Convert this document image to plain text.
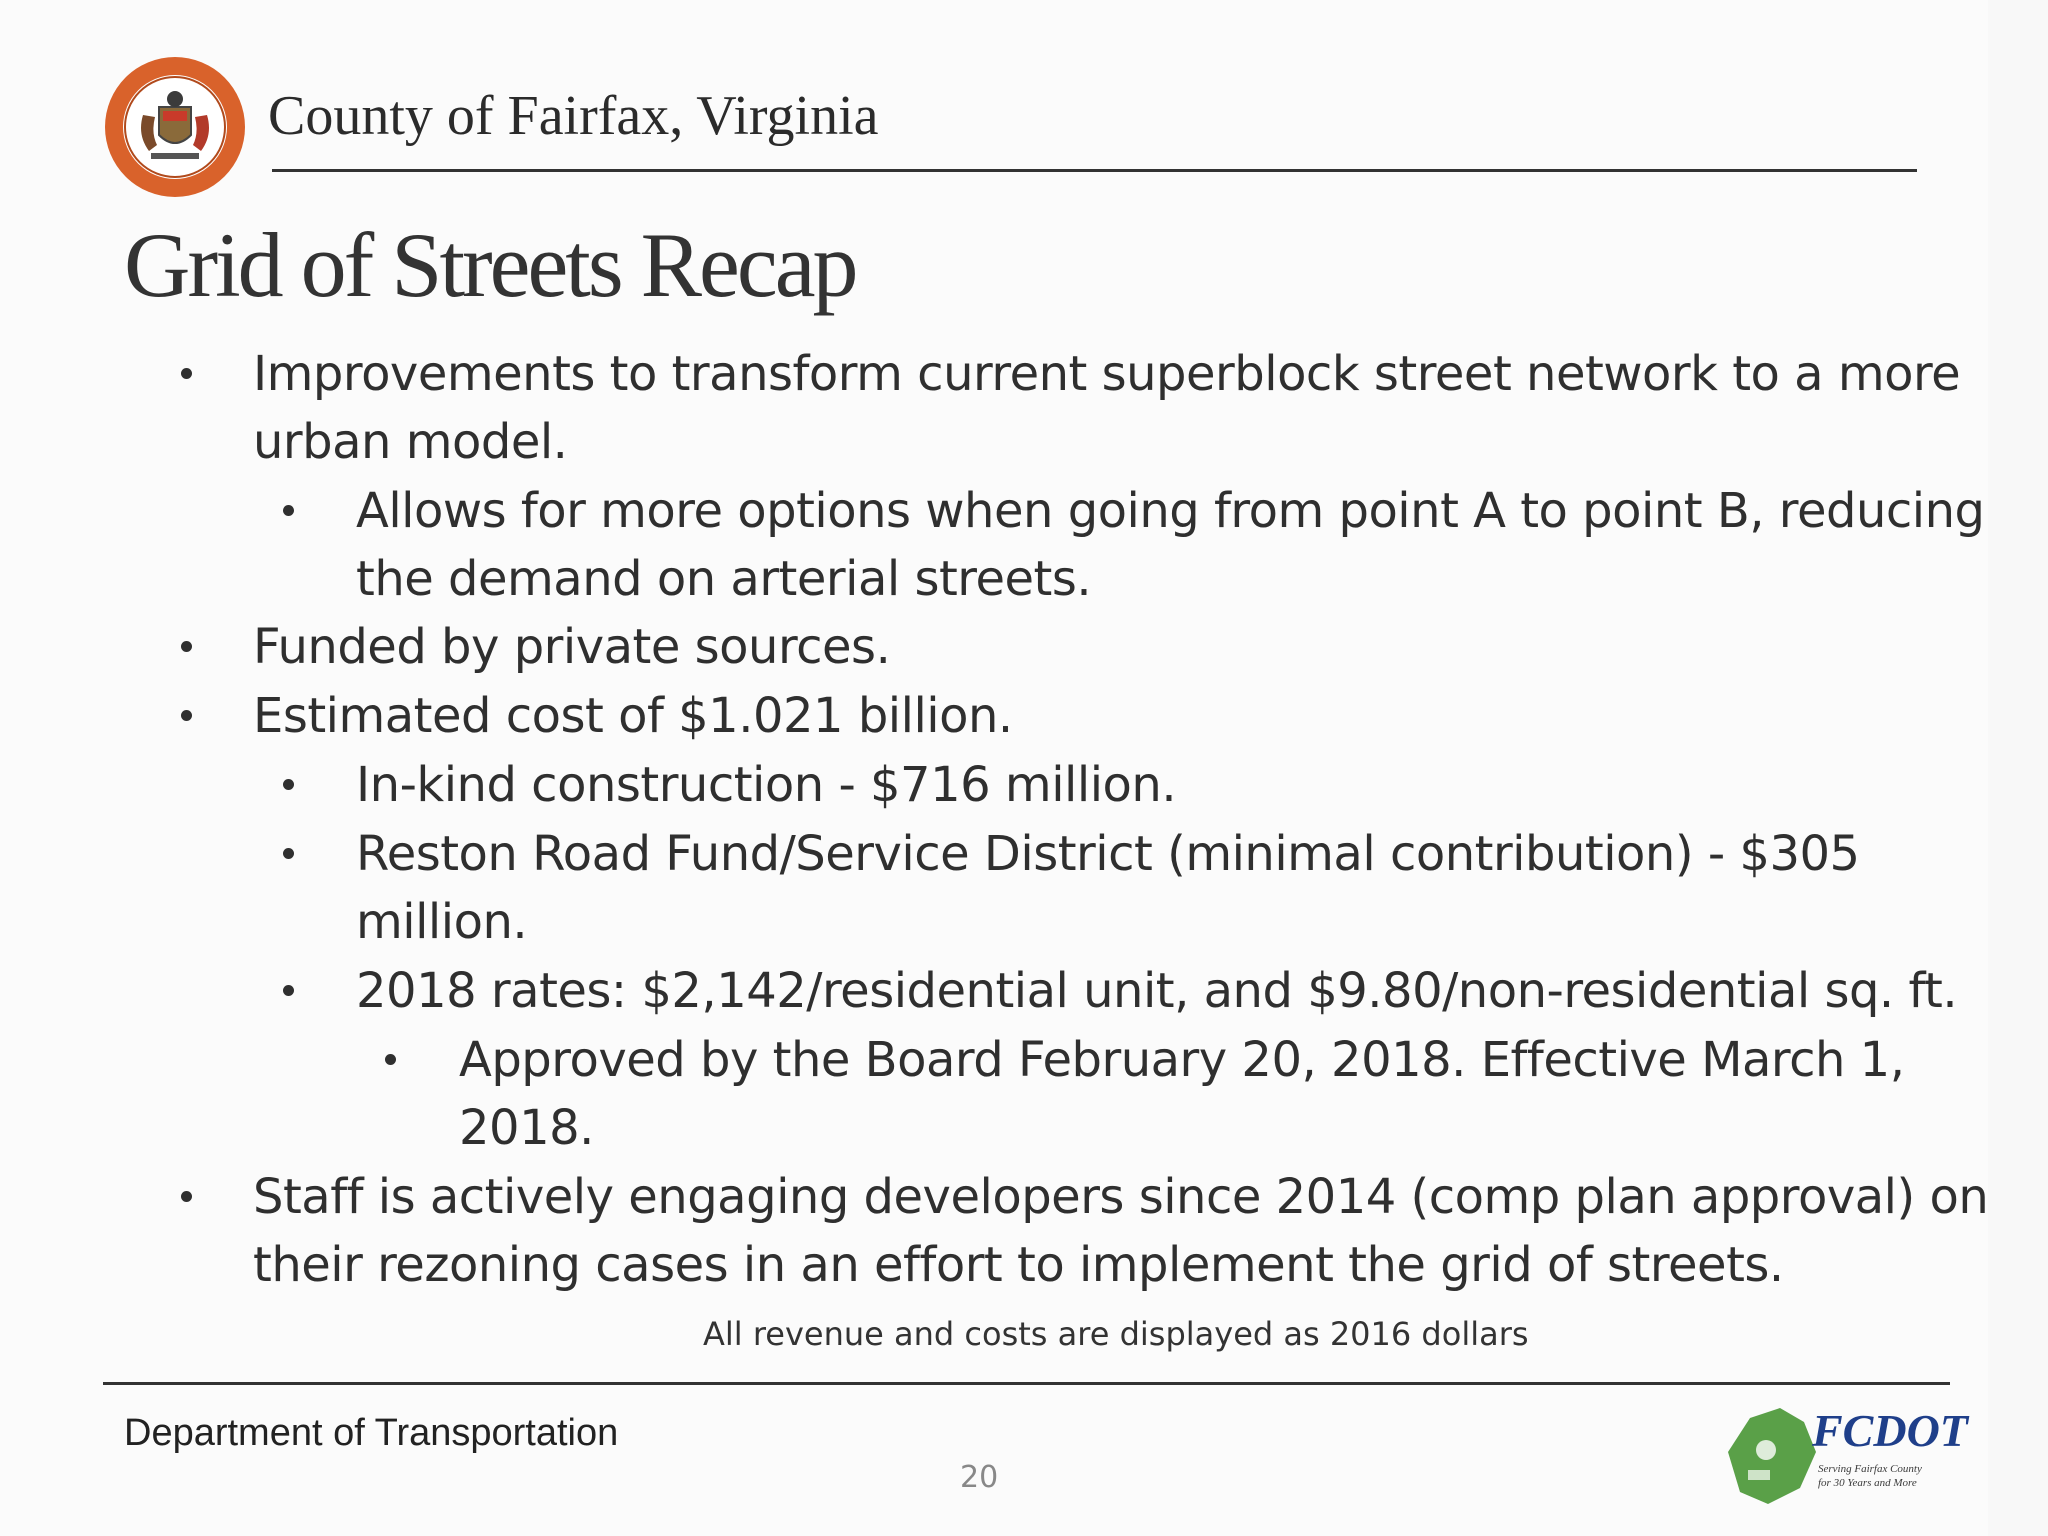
County of Fairfax, Virginia
Grid of Streets Recap
Improvements to transform current superblock street network to a more
urban model.
Allows for more options when going from point A to point B, reducing
the demand on arterial streets.
Funded by private sources.
Estimated cost of $1.021 billion.
In-kind construction - $716 million.
Reston Road Fund/Service District (minimal contribution) - $305
million.
2018 rates: $2,142/residential unit, and $9.80/non-residential sq. ft.
Approved by the Board February 20, 2018. Effective March 1,
2018.
Staff is actively engaging developers since 2014 (comp plan approval) on
their rezoning cases in an effort to implement the grid of streets.
All revenue and costs are displayed as 2016 dollars
Department of Transportation
20
FCDOT
Serving Fairfax County
for 30 Years and More
